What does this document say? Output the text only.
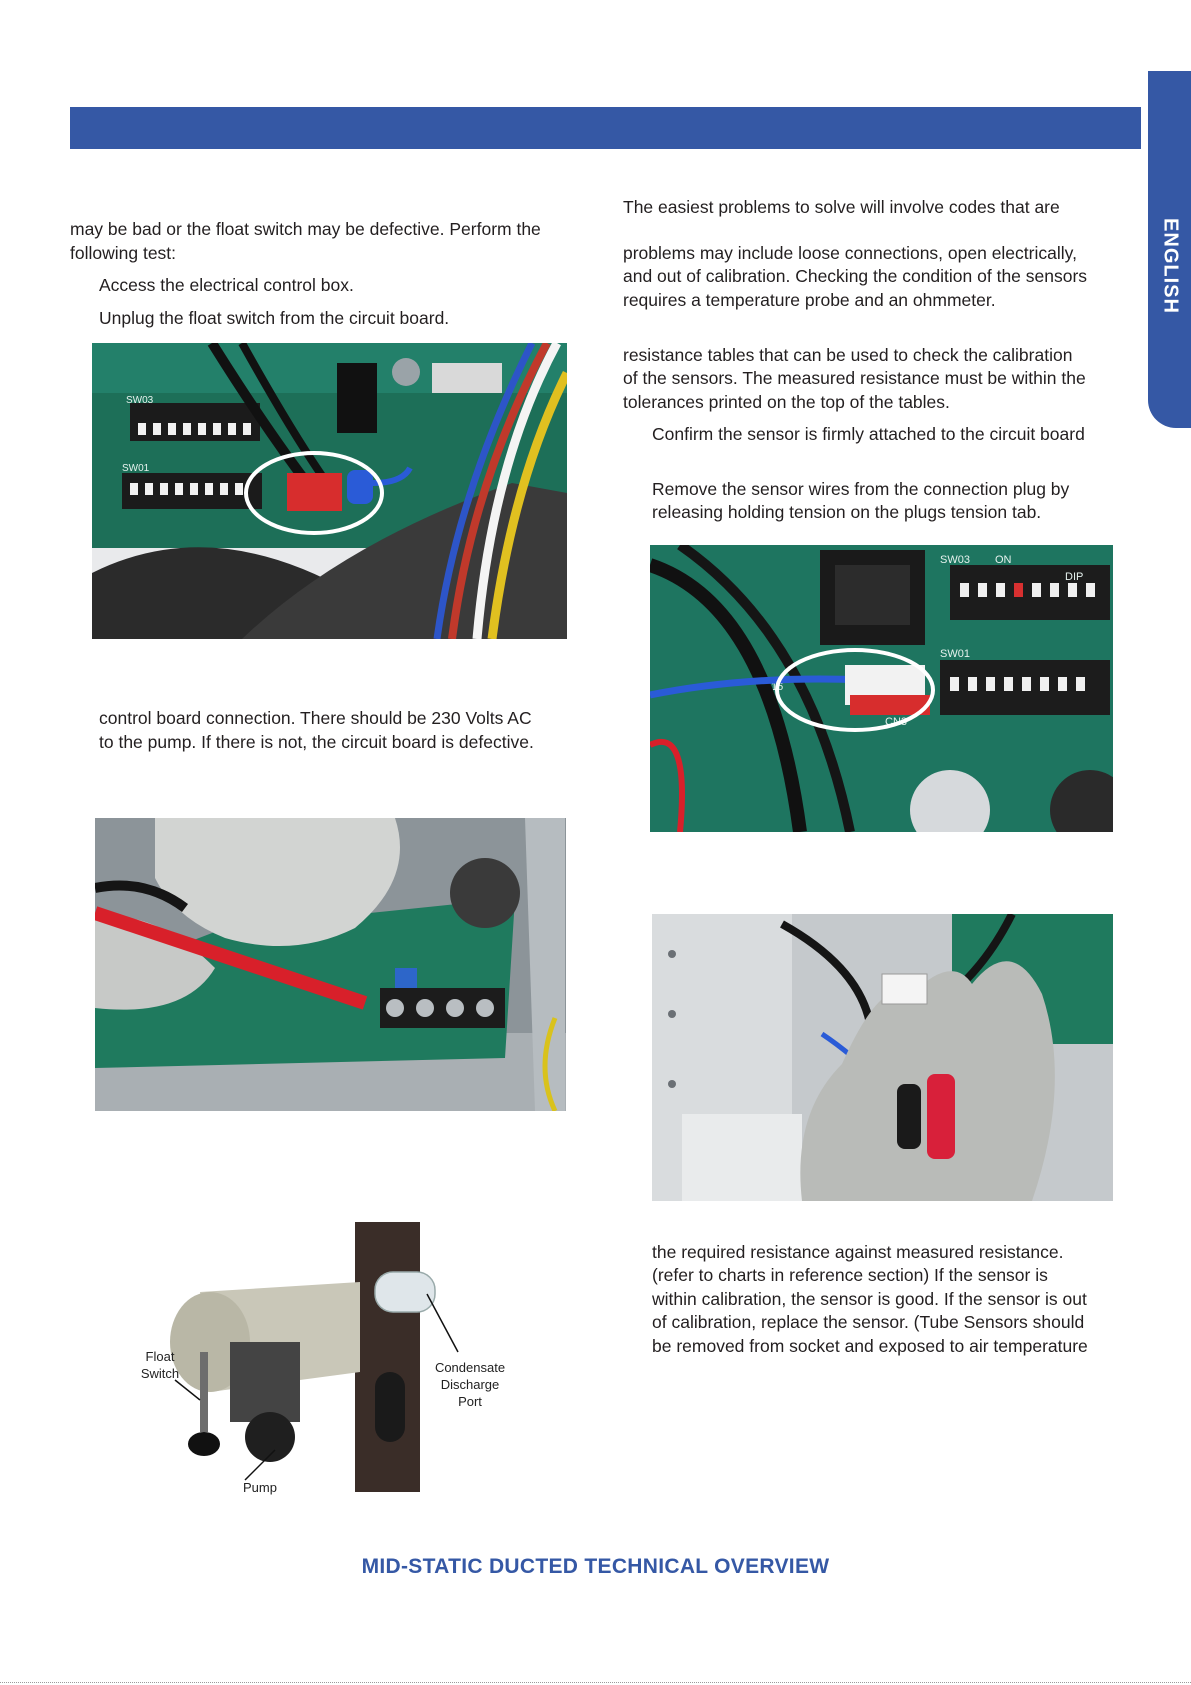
ENGLISH

may be bad or the float switch may be defective. Perform the

following test:

Access the electrical control box.

Unplug the float switch from the circuit board.

SW03
SW01

control board connection. There should be 230 Volts AC

to the pump. If there is not, the circuit board is defective.

Float
Switch	Condensate
Discharge
Port
Pump

The easiest problems to solve will involve codes that are

problems may include loose connections, open electrically,

and out of calibration. Checking the condition of the sensors

requires a temperature probe and an ohmmeter.

resistance tables that can be used to check the calibration

of the sensors. The measured resistance must be within the

tolerances printed on the top of the tables.

Confirm the sensor is firmly attached to the circuit board

Remove the sensor wires from the connection plug by

releasing holding tension on the plugs tension tab.

SW03 ON
DIP
SW01
IC16
CN3

the required resistance against measured resistance.

(refer to charts in reference section) If the sensor is

within calibration, the sensor is good. If the sensor is out

of calibration, replace the sensor. (Tube Sensors should

be removed from socket and exposed to air temperature

MID-STATIC DUCTED TECHNICAL OVERVIEW
